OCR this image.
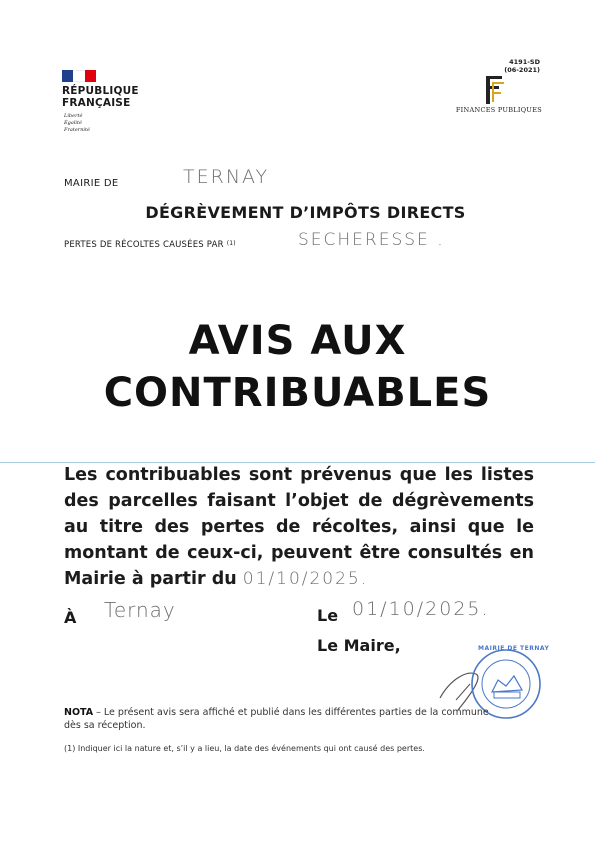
RÉPUBLIQUE
FRANÇAISE
Liberté
Égalité
Fraternité
4191-SD
(06-2021)
FINANCES PUBLIQUES
MAIRIE DE	TERNAY
DÉGRÈVEMENT D’IMPÔTS DIRECTS
PERTES DE RÉCOLTES CAUSÉES PAR $^{(1)}$	SECHERESSE .
AVIS AUX
CONTRIBUABLES
Les contribuables sont prévenus que les listes des parcelles faisant l’objet de dégrèvements au titre des pertes de récoltes, ainsi que le montant de ceux-ci, peuvent être consultés en Mairie à partir du 01/10/2025.
À Ternay	Le 01/10/2025.
Le Maire,	MAIRIE DE TERNAY
NOTA – Le présent avis sera affiché et publié dans les différentes parties de la commune dès sa réception.
(1) Indiquer ici la nature et, s’il y a lieu, la date des événements qui ont causé des pertes.
